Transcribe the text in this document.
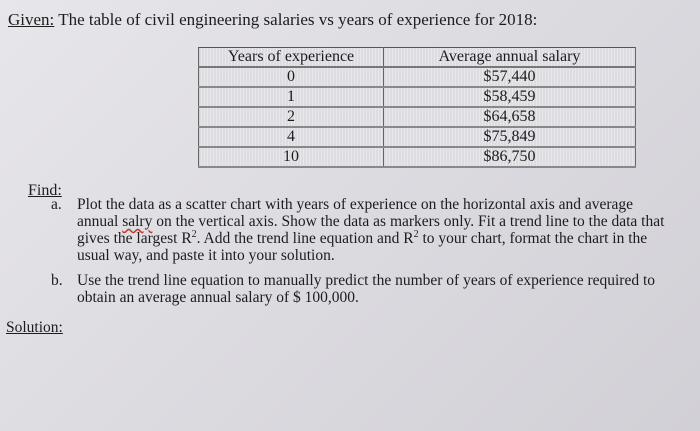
Given: The table of civil engineering salaries vs years of experience for 2018:
Years of experience	Average annual salary
0	$57,440
1	$58,459
2	$64,658
4	$75,849
10	$86,750
Find:
a. Plot the data as a scatter chart with years of experience on the horizontal axis and average annual salry on the vertical axis. Show the data as markers only. Fit a trend line to the data that gives the largest $R^2$. Add the trend line equation and $R^2$ to your chart, format the chart in the usual way, and paste it into your solution.
b. Use the trend line equation to manually predict the number of years of experience required to obtain an average annual salary of $ 100,000.
Solution:
